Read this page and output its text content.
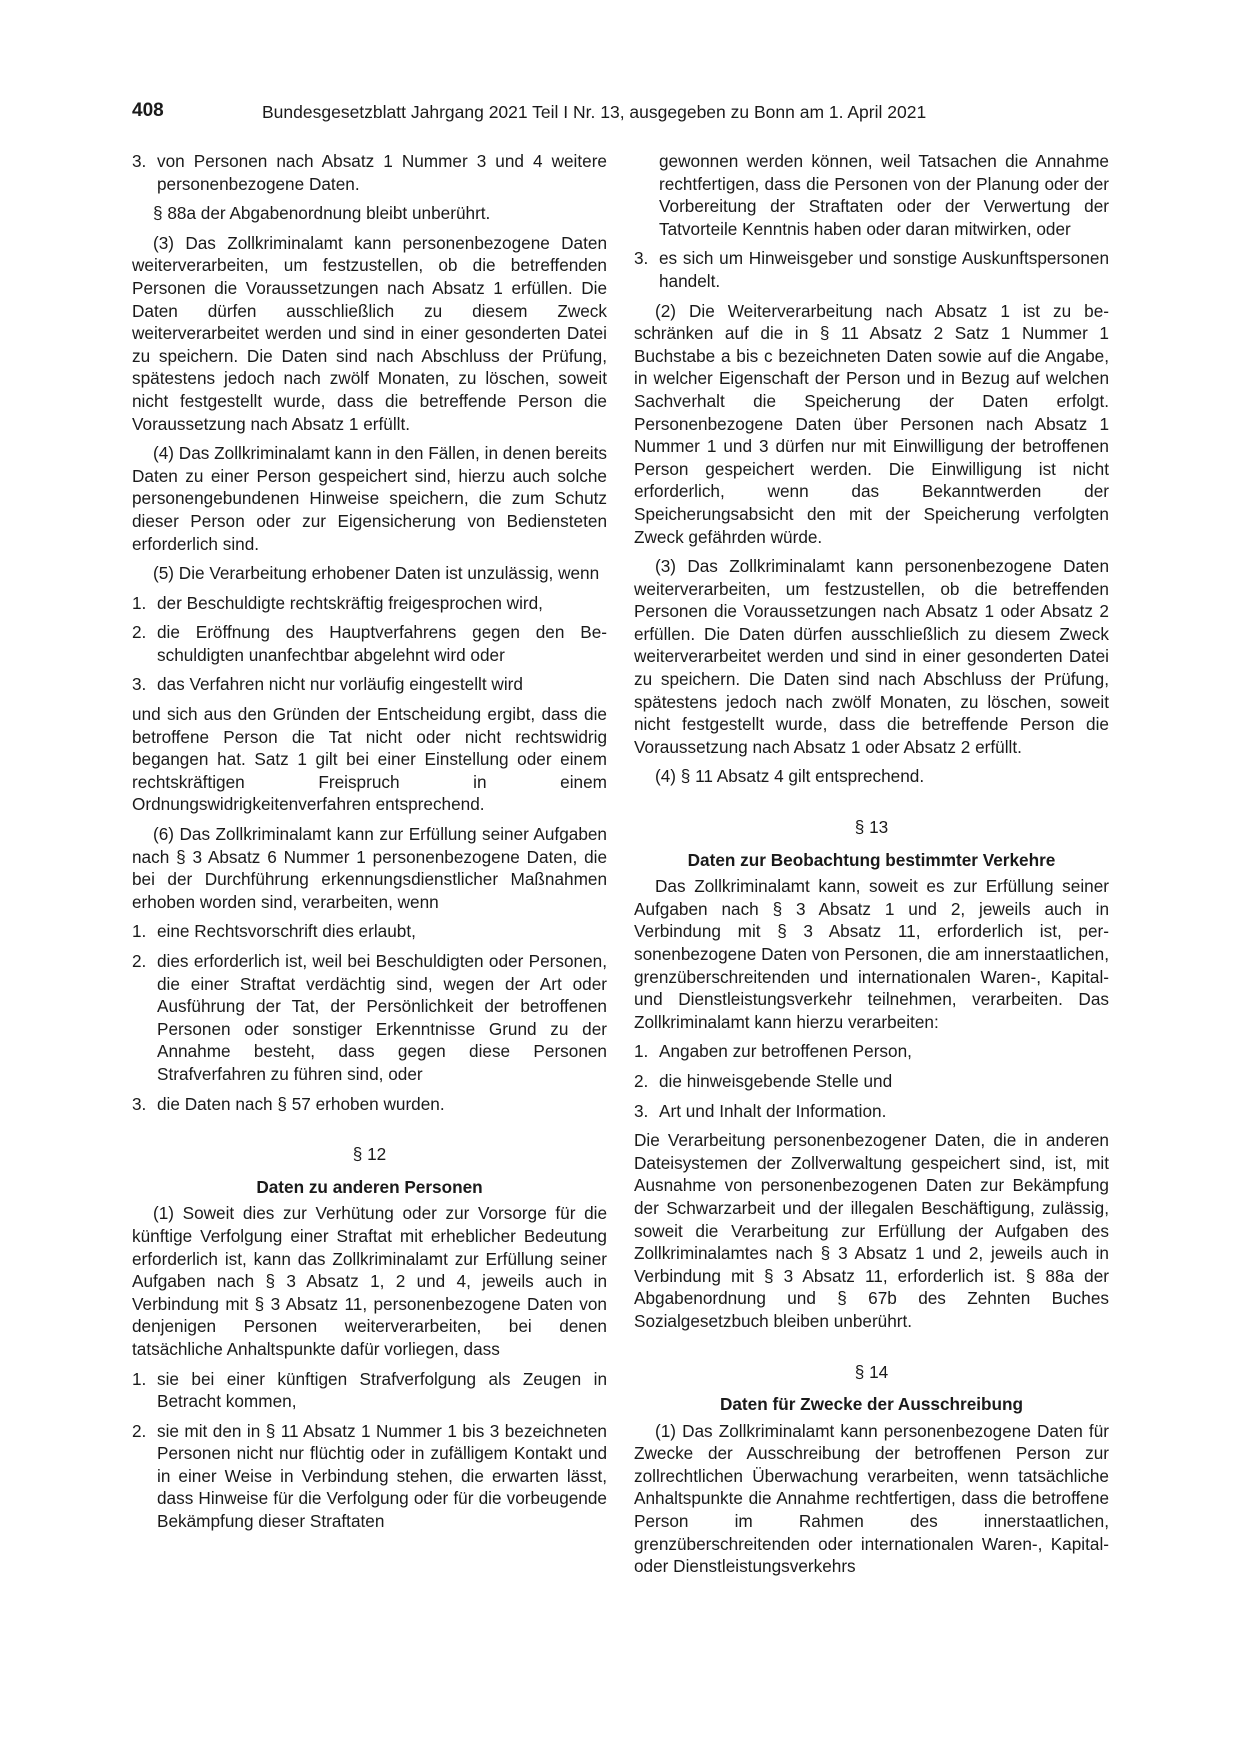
408	Bundesgesetzblatt Jahrgang 2021 Teil I Nr. 13, ausgegeben zu Bonn am 1. April 2021
3. von Personen nach Absatz 1 Nummer 3 und 4 weitere personenbezogene Daten.

§ 88a der Abgabenordnung bleibt unberührt.

(3) Das Zollkriminalamt kann personenbezogene Daten weiterverarbeiten, um festzustellen, ob die betreffenden Personen die Voraussetzungen nach Absatz 1 erfüllen. Die Daten dürfen ausschließlich zu diesem Zweck weiterverarbeitet werden und sind in einer gesonderten Datei zu speichern. Die Daten sind nach Abschluss der Prüfung, spätestens jedoch nach zwölf Monaten, zu löschen, soweit nicht festgestellt wurde, dass die betreffende Person die Voraussetzung nach Absatz 1 erfüllt.

(4) Das Zollkriminalamt kann in den Fällen, in denen bereits Daten zu einer Person gespeichert sind, hierzu auch solche personengebundenen Hinweise speichern, die zum Schutz dieser Person oder zur Eigensicherung von Bediensteten erforderlich sind.

(5) Die Verarbeitung erhobener Daten ist unzulässig, wenn

1. der Beschuldigte rechtskräftig freigesprochen wird,
2. die Eröffnung des Hauptverfahrens gegen den Beschuldigten unanfechtbar abgelehnt wird oder
3. das Verfahren nicht nur vorläufig eingestellt wird

und sich aus den Gründen der Entscheidung ergibt, dass die betroffene Person die Tat nicht oder nicht rechtswidrig begangen hat. Satz 1 gilt bei einer Einstellung oder einem rechtskräftigen Freispruch in einem Ordnungswidrigkeitenverfahren entsprechend.

(6) Das Zollkriminalamt kann zur Erfüllung seiner Aufgaben nach § 3 Absatz 6 Nummer 1 personenbezogene Daten, die bei der Durchführung erkennungsdienstlicher Maßnahmen erhoben worden sind, verarbeiten, wenn

1. eine Rechtsvorschrift dies erlaubt,
2. dies erforderlich ist, weil bei Beschuldigten oder Personen, die einer Straftat verdächtig sind, wegen der Art oder Ausführung der Tat, der Persönlichkeit der betroffenen Personen oder sonstiger Erkenntnisse Grund zu der Annahme besteht, dass gegen diese Personen Strafverfahren zu führen sind, oder
3. die Daten nach § 57 erhoben wurden.
§ 12
Daten zu anderen Personen

(1) Soweit dies zur Verhütung oder zur Vorsorge für die künftige Verfolgung einer Straftat mit erheblicher Bedeutung erforderlich ist, kann das Zollkriminalamt zur Erfüllung seiner Aufgaben nach § 3 Absatz 1, 2 und 4, jeweils auch in Verbindung mit § 3 Absatz 11, personenbezogene Daten von denjenigen Personen weiterverarbeiten, bei denen tatsächliche Anhaltspunkte dafür vorliegen, dass

1. sie bei einer künftigen Strafverfolgung als Zeugen in Betracht kommen,
2. sie mit den in § 11 Absatz 1 Nummer 1 bis 3 bezeichneten Personen nicht nur flüchtig oder in zufälligem Kontakt und in einer Weise in Verbindung stehen, die erwarten lässt, dass Hinweise für die Verfolgung oder für die vorbeugende Bekämpfung dieser Straftaten
gewonnen werden können, weil Tatsachen die Annahme rechtfertigen, dass die Personen von der Planung oder der Vorbereitung der Straftaten oder der Verwertung der Tatvorteile Kenntnis haben oder daran mitwirken, oder
3. es sich um Hinweisgeber und sonstige Auskunftspersonen handelt.

(2) Die Weiterverarbeitung nach Absatz 1 ist zu beschränken auf die in § 11 Absatz 2 Satz 1 Nummer 1 Buchstabe a bis c bezeichneten Daten sowie auf die Angabe, in welcher Eigenschaft der Person und in Bezug auf welchen Sachverhalt die Speicherung der Daten erfolgt. Personenbezogene Daten über Personen nach Absatz 1 Nummer 1 und 3 dürfen nur mit Einwilligung der betroffenen Person gespeichert werden. Die Einwilligung ist nicht erforderlich, wenn das Bekanntwerden der Speicherungsabsicht den mit der Speicherung verfolgten Zweck gefährden würde.

(3) Das Zollkriminalamt kann personenbezogene Daten weiterverarbeiten, um festzustellen, ob die betreffenden Personen die Voraussetzungen nach Absatz 1 oder Absatz 2 erfüllen. Die Daten dürfen ausschließlich zu diesem Zweck weiterverarbeitet werden und sind in einer gesonderten Datei zu speichern. Die Daten sind nach Abschluss der Prüfung, spätestens jedoch nach zwölf Monaten, zu löschen, soweit nicht festgestellt wurde, dass die betreffende Person die Voraussetzung nach Absatz 1 oder Absatz 2 erfüllt.

(4) § 11 Absatz 4 gilt entsprechend.

§ 13
Daten zur Beobachtung bestimmter Verkehre

Das Zollkriminalamt kann, soweit es zur Erfüllung seiner Aufgaben nach § 3 Absatz 1 und 2, jeweils auch in Verbindung mit § 3 Absatz 11, erforderlich ist, personenbezogene Daten von Personen, die am innerstaatlichen, grenzüberschreitenden und internationalen Waren-, Kapital- und Dienstleistungsverkehr teilnehmen, verarbeiten. Das Zollkriminalamt kann hierzu verarbeiten:

1. Angaben zur betroffenen Person,
2. die hinweisgebende Stelle und
3. Art und Inhalt der Information.

Die Verarbeitung personenbezogener Daten, die in anderen Dateisystemen der Zollverwaltung gespeichert sind, ist, mit Ausnahme von personenbezogenen Daten zur Bekämpfung der Schwarzarbeit und der illegalen Beschäftigung, zulässig, soweit die Verarbeitung zur Erfüllung der Aufgaben des Zollkriminalamtes nach § 3 Absatz 1 und 2, jeweils auch in Verbindung mit § 3 Absatz 11, erforderlich ist. § 88a der Abgabenordnung und § 67b des Zehnten Buches Sozialgesetzbuch bleiben unberührt.

§ 14
Daten für Zwecke der Ausschreibung

(1) Das Zollkriminalamt kann personenbezogene Daten für Zwecke der Ausschreibung der betroffenen Person zur zollrechtlichen Überwachung verarbeiten, wenn tatsächliche Anhaltspunkte die Annahme rechtfertigen, dass die betroffene Person im Rahmen des innerstaatlichen, grenzüberschreitenden oder internationalen Waren-, Kapital- oder Dienstleistungsverkehrs
